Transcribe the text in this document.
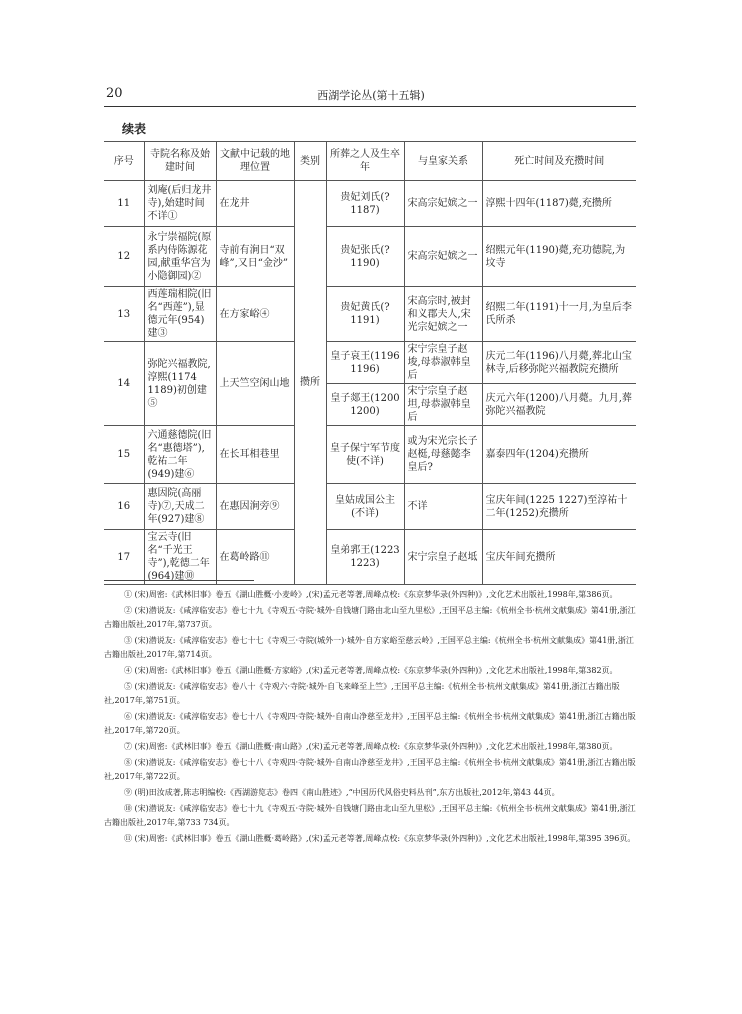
20	西湖学论丛(第十五辑)
续表
序号	寺院名称及始建时间	文献中记载的地理位置	类别	所葬之人及生卒年	与皇家关系	死亡时间及充攒时间
11	刘庵(后归龙井寺),始建时间不详①	在龙井	攒所	贵妃刘氏(? 1187)	宋高宗妃嫔之一	淳熙十四年(1187)薨,充攒所
12	永宁崇福院(原系内侍陈源花园,献重华宫为小隐御园)②	寺前有涧日“双峰”,又日“金沙”		贵妃张氏(? 1190)	宋高宗妃嫔之一	绍熙元年(1190)薨,充功德院,为坟寺
13	西莲瑞相院(旧名“西莲”),显德元年(954)建③	在方家峪④		贵妃黄氏(? 1191)	宋高宗时,被封和义郡夫人,宋光宗妃嫔之一	绍熙二年(1191)十一月,为皇后李氏所杀
14	弥陀兴福教院,淳熙(1174 1189)初创建⑤	上天竺空闲山地		皇子哀王(1196 1196)	宋宁宗皇子赵埈,母恭淑韩皇后	庆元二年(1196)八月薨,葬北山宝林寺,后移弥陀兴福教院充攒所
				皇子郯王(1200 1200)	宋宁宗皇子赵坦,母恭淑韩皇后	庆元六年(1200)八月薨。九月,葬弥陀兴福教院
15	六通慈德院(旧名“惠德塔”),乾祐二年(949)建⑥	在长耳相巷里		皇子保宁军节度使(不详)	或为宋光宗长子赵梃,母慈懿李皇后?	嘉泰四年(1204)充攒所
16	惠因院(高丽寺)⑦,天成二年(927)建⑧	在惠因涧旁⑨		皇姑成国公主(不详)	不详	宝庆年间(1225 1227)至淳祐十二年(1252)充攒所
17	宝云寺(旧名“千光王寺”),乾德二年(964)建⑩	在葛岭路⑪		皇弟郛王(1223 1223)	宋宁宗皇子赵坻	宝庆年间充攒所

① (宋)周密:《武林旧事》卷五《湖山胜概·小麦岭》,(宋)孟元老等著,周峰点校:《东京梦华录(外四种)》,文化艺术出版社,1998年,第386页。

② (宋)潜说友:《咸淳临安志》卷七十九《寺观五·寺院·城外·自钱塘门路由北山至九里松》,王国平总主编:《杭州全书·杭州文献集成》第41册,浙江古籍出版社,2017年,第737页。

③ (宋)潜说友:《咸淳临安志》卷七十七《寺观三·寺院(城外一)·城外·自方家峪至慈云岭》,王国平总主编:《杭州全书·杭州文献集成》第41册,浙江古籍出版社,2017年,第714页。

④ (宋)周密:《武林旧事》卷五《湖山胜概·方家峪》,(宋)孟元老等著,周峰点校:《东京梦华录(外四种)》,文化艺术出版社,1998年,第382页。

⑤ (宋)潜说友:《咸淳临安志》卷八十《寺观六·寺院·城外·自飞来峰至上竺》,王国平总主编:《杭州全书·杭州文献集成》第41册,浙江古籍出版社,2017年,第751页。

⑥ (宋)潜说友:《咸淳临安志》卷七十八《寺观四·寺院·城外·自南山净慈至龙井》,王国平总主编:《杭州全书·杭州文献集成》第41册,浙江古籍出版社,2017年,第720页。

⑦ (宋)周密:《武林旧事》卷五《湖山胜概·南山路》,(宋)孟元老等著,周峰点校:《东京梦华录(外四种)》,文化艺术出版社,1998年,第380页。

⑧ (宋)潜说友:《咸淳临安志》卷七十八《寺观四·寺院·城外·自南山净慈至龙井》,王国平总主编:《杭州全书·杭州文献集成》第41册,浙江古籍出版社,2017年,第722页。

⑨ (明)田汝成著,陈志明编校:《西湖游览志》卷四《南山胜迹》,“中国历代风俗史料丛刊”,东方出版社,2012年,第43 44页。

⑩ (宋)潜说友:《咸淳临安志》卷七十九《寺观五·寺院·城外·自钱塘门路由北山至九里松》,王国平总主编:《杭州全书·杭州文献集成》第41册,浙江古籍出版社,2017年,第733 734页。

⑪ (宋)周密:《武林旧事》卷五《湖山胜概·葛岭路》,(宋)孟元老等著,周峰点校:《东京梦华录(外四种)》,文化艺术出版社,1998年,第395 396页。
